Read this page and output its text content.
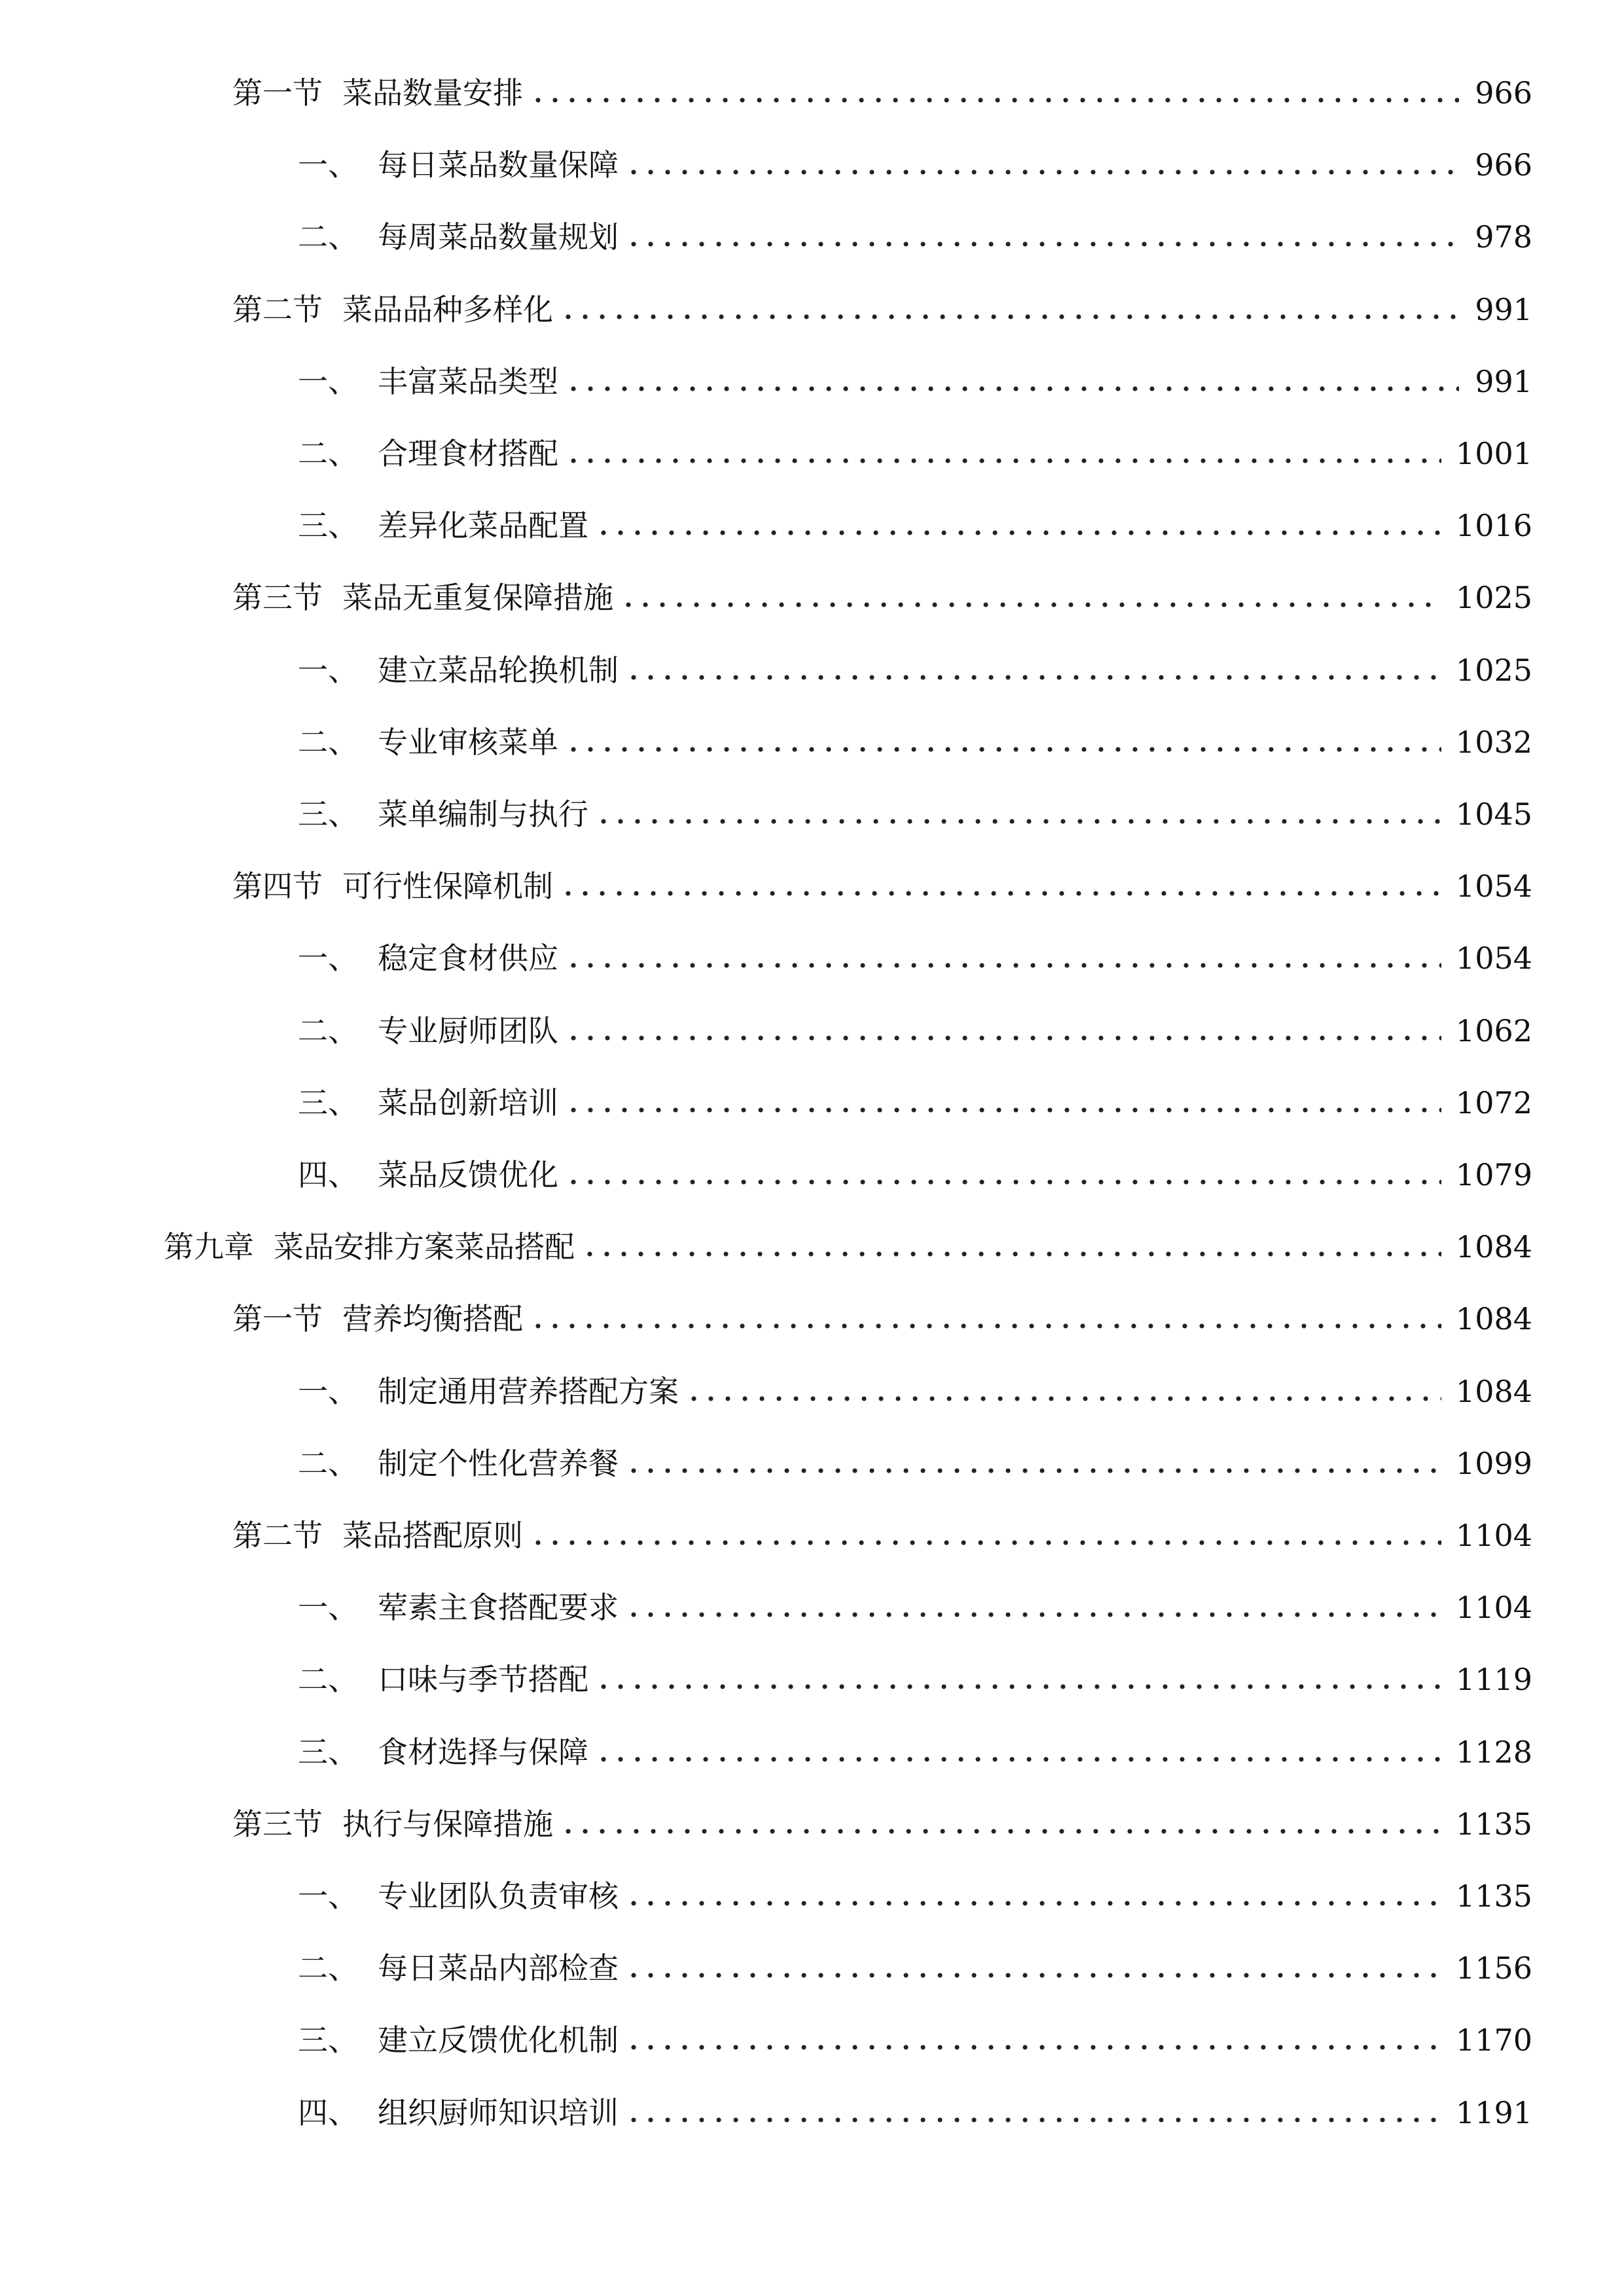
第一节 菜品数量安排	966
一、 每日菜品数量保障	966
二、 每周菜品数量规划	978
第二节 菜品品种多样化	991
一、 丰富菜品类型	991
二、 合理食材搭配	1001
三、 差异化菜品配置	1016
第三节 菜品无重复保障措施	1025
一、 建立菜品轮换机制	1025
二、 专业审核菜单	1032
三、 菜单编制与执行	1045
第四节 可行性保障机制	1054
一、 稳定食材供应	1054
二、 专业厨师团队	1062
三、 菜品创新培训	1072
四、 菜品反馈优化	1079
第九章 菜品安排方案菜品搭配	1084
第一节 营养均衡搭配	1084
一、 制定通用营养搭配方案	1084
二、 制定个性化营养餐	1099
第二节 菜品搭配原则	1104
一、 荤素主食搭配要求	1104
二、 口味与季节搭配	1119
三、 食材选择与保障	1128
第三节 执行与保障措施	1135
一、 专业团队负责审核	1135
二、 每日菜品内部检查	1156
三、 建立反馈优化机制	1170
四、 组织厨师知识培训	1191
